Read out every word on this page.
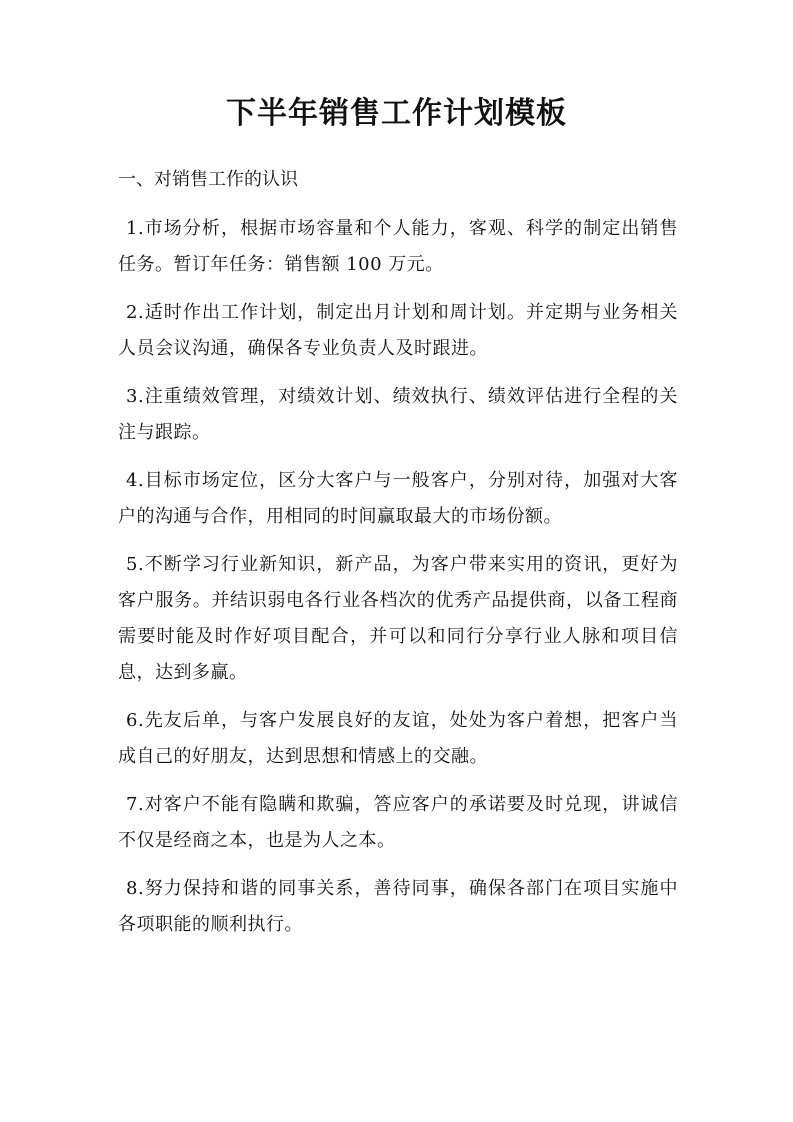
下半年销售工作计划模板

一、对销售工作的认识

1.市场分析，根据市场容量和个人能力，客观、科学的制定出销售任务。暂订年任务：销售额 100 万元。
2.适时作出工作计划，制定出月计划和周计划。并定期与业务相关人员会议沟通，确保各专业负责人及时跟进。
3.注重绩效管理，对绩效计划、绩效执行、绩效评估进行全程的关注与跟踪。
4.目标市场定位，区分大客户与一般客户，分别对待，加强对大客户的沟通与合作，用相同的时间赢取最大的市场份额。
5.不断学习行业新知识，新产品，为客户带来实用的资讯，更好为客户服务。并结识弱电各行业各档次的优秀产品提供商，以备工程商需要时能及时作好项目配合，并可以和同行分享行业人脉和项目信息，达到多赢。
6.先友后单，与客户发展良好的友谊，处处为客户着想，把客户当成自己的好朋友，达到思想和情感上的交融。
7.对客户不能有隐瞒和欺骗，答应客户的承诺要及时兑现，讲诚信不仅是经商之本，也是为人之本。
8.努力保持和谐的同事关系，善待同事，确保各部门在项目实施中各项职能的顺利执行。
